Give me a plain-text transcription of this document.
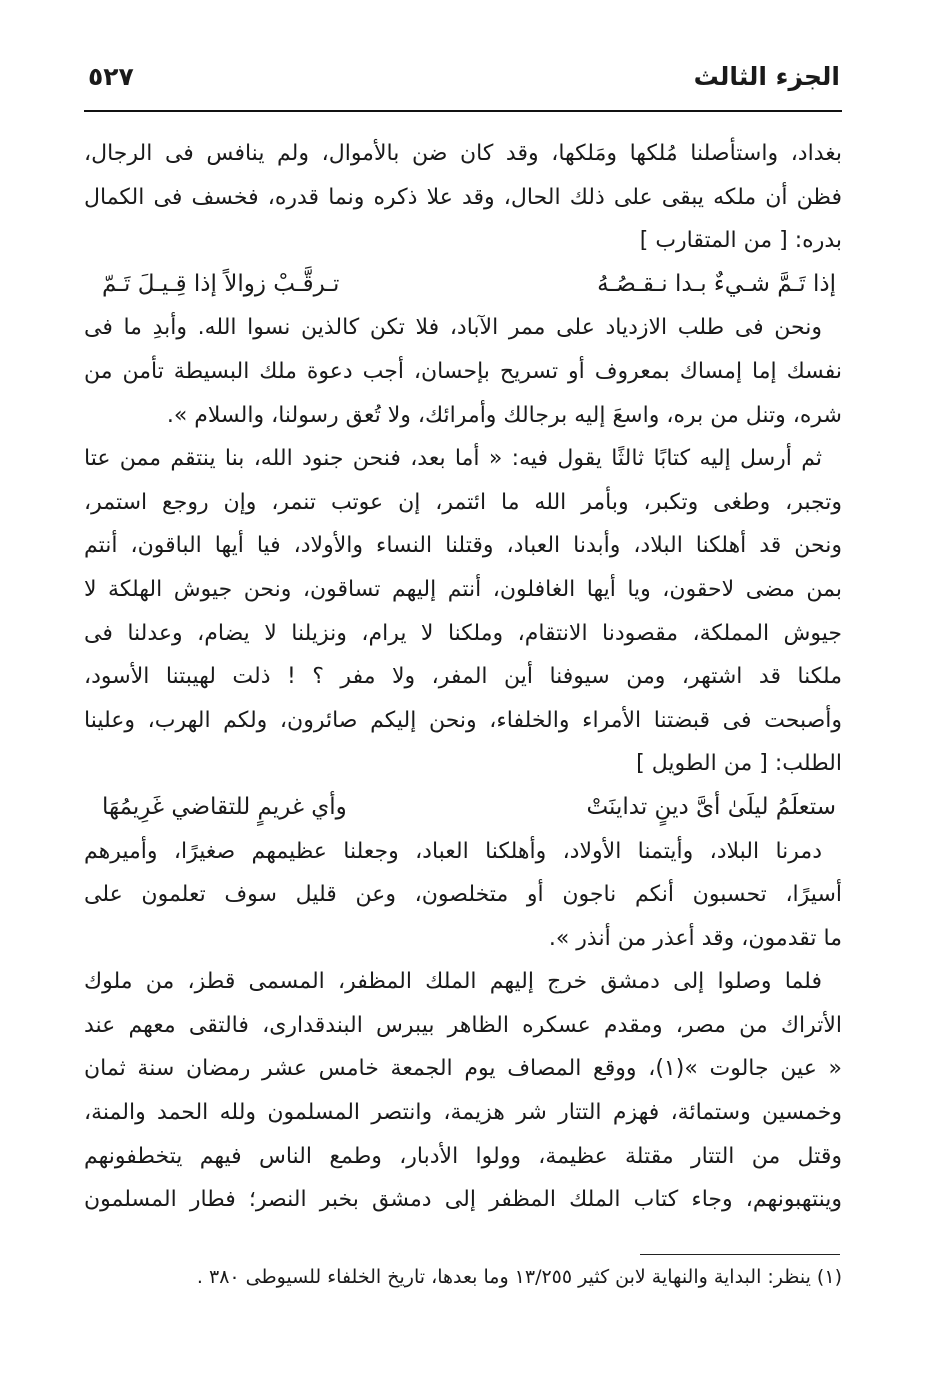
الجزء الثالث
٥٢٧
بغداد، واستأصلنا مُلكها ومَلكها، وقد كان ضن بالأموال، ولم ينافس فى الرجال،
فظن أن ملكه يبقى على ذلك الحال، وقد علا ذكره ونما قدره، فخسف فى الكمال
بدره: [ من المتقارب ]
إذا تَـمَّ شـيءٌ بـدا نـقـصُـهُ
تـرقَّـبْ زوالاً إذا قِـيـلَ تَـمّ
ونحن فى طلب الازدياد على ممر الآباد، فلا تكن كالذين نسوا الله. وأبدِ ما فى
نفسك إما إمساك بمعروف أو تسريح بإحسان، أجب دعوة ملك البسيطة تأمن من
شره، وتنل من بره، واسعَ إليه برجالك وأمرائك، ولا تُعق رسولنا، والسلام ».
ثم أرسل إليه كتابًا ثالثًا يقول فيه: « أما بعد، فنحن جنود الله، بنا ينتقم ممن عتا
وتجبر، وطغى وتكبر، وبأمر الله ما ائتمر، إن عوتب تنمر، وإن روجع استمر،
ونحن قد أهلكنا البلاد، وأبدنا العباد، وقتلنا النساء والأولاد، فيا أيها الباقون، أنتم
بمن مضى لاحقون، ويا أيها الغافلون، أنتم إليهم تساقون، ونحن جيوش الهلكة لا
جيوش المملكة، مقصودنا الانتقام، وملكنا لا يرام، ونزيلنا لا يضام، وعدلنا فى
ملكنا قد اشتهر، ومن سيوفنا أين المفر، ولا مفر ؟ ! ذلت لهيبتنا الأسود،
وأصبحت فى قبضتنا الأمراء والخلفاء، ونحن إليكم صائرون، ولكم الهرب، وعلينا
الطلب: [ من الطويل ]
ستعلَمُ ليلَىٰ أىَّ دينٍ تداينَتْ
وأي غريمٍ للتقاضي غَرِيمُهَا
دمرنا البلاد، وأيتمنا الأولاد، وأهلكنا العباد، وجعلنا عظيمهم صغيرًا، وأميرهم
أسيرًا، تحسبون أنكم ناجون أو متخلصون، وعن قليل سوف تعلمون على
ما تقدمون، وقد أعذر من أنذر ».
فلما وصلوا إلى دمشق خرج إليهم الملك المظفر، المسمى قطز، من ملوك
الأتراك من مصر، ومقدم عسكره الظاهر بيبرس البندقدارى، فالتقى معهم عند
« عين جالوت »(١)، ووقع المصاف يوم الجمعة خامس عشر رمضان سنة ثمان
وخمسين وستمائة، فهزم التتار شر هزيمة، وانتصر المسلمون ولله الحمد والمنة،
وقتل من التتار مقتلة عظيمة، وولوا الأدبار، وطمع الناس فيهم يتخطفونهم
وينتهبونهم، وجاء كتاب الملك المظفر إلى دمشق بخبر النصر؛ فطار المسلمون
(١) ينظر: البداية والنهاية لابن كثير ١٣/٢٥٥ وما بعدها، تاريخ الخلفاء للسيوطى ٣٨٠ .
